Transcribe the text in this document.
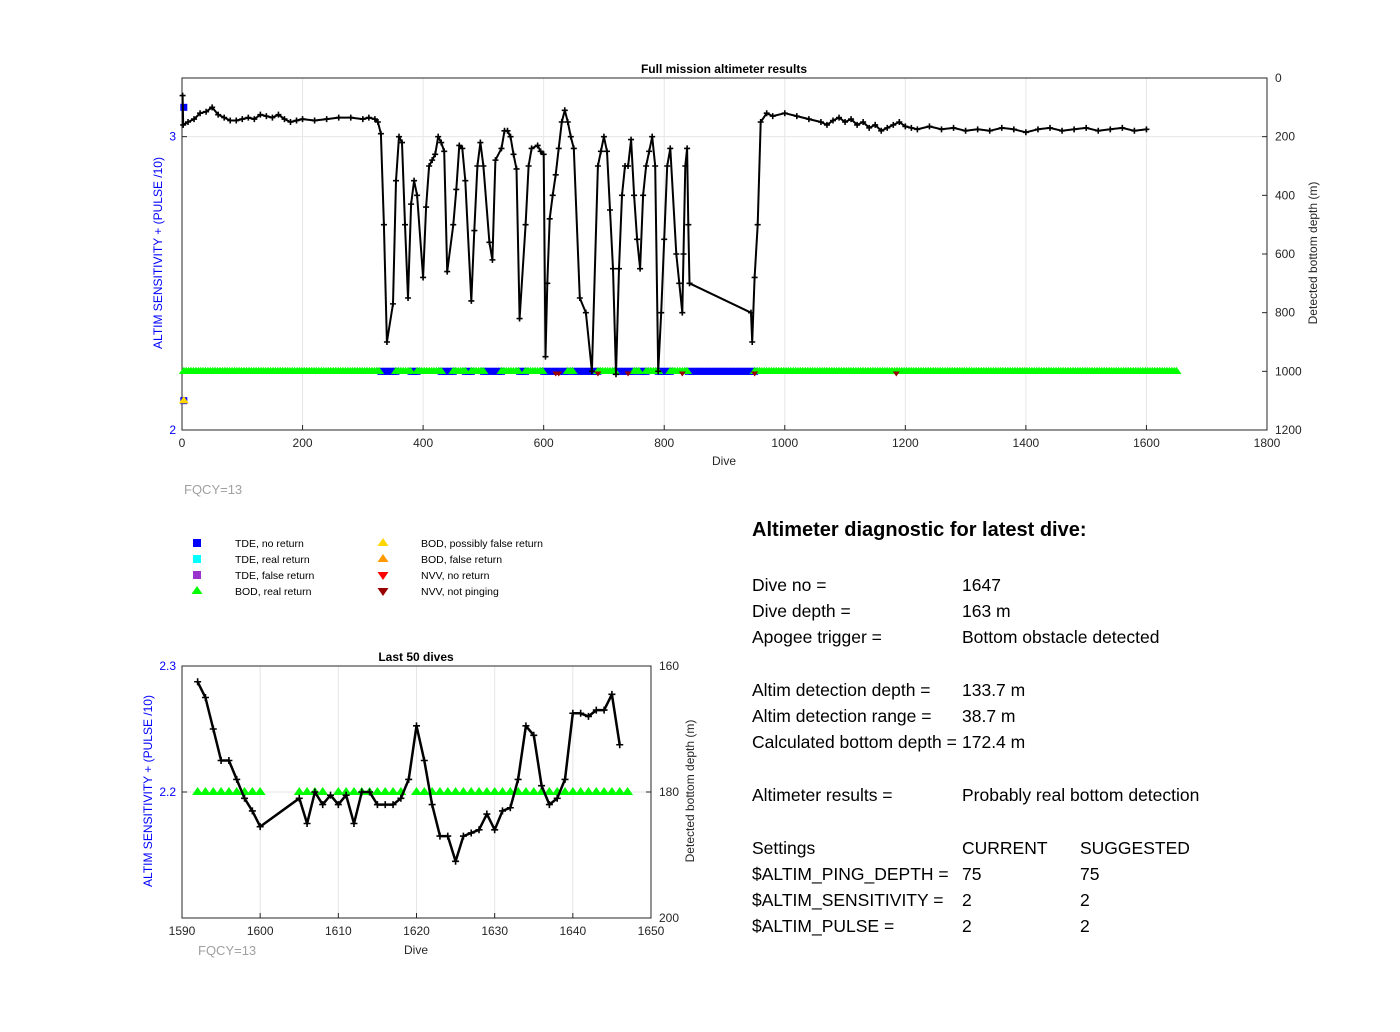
Full mission altimeter results
Dive
ALTIM SENSITIVITY + (PULSE /10)	Detected bottom depth (m)
FQCY=13
0	200	400	600	800	1000	1200	1400	1600	1800
2
3
0
200
400
600
800
1000
1200
TDE, no return
TDE, real return
TDE, false return
BOD, real return
BOD, possibly false return
BOD, false return
NVV, no return
NVV, not pinging
Last 50 dives
Dive
ALTIM SENSITIVITY + (PULSE /10)	Detected bottom depth (m)
FQCY=13
1590	1600	1610	1620	1630	1640	1650
2.2
2.3	160
180
200
Altimeter diagnostic for latest dive:
Dive no =	1647
Dive depth =	163 m
Apogee trigger =	Bottom obstacle detected
Altim detection depth = 133.7 m
Altim detection range = 38.7 m
Calculated bottom depth = 172.4 m
Altimeter results =	Probably real bottom detection
Settings	CURRENT SUGGESTED
$ALTIM_PING_DEPTH = 75	75
$ALTIM_SENSITIVITY = 2	2
$ALTIM_PULSE =	2	2
